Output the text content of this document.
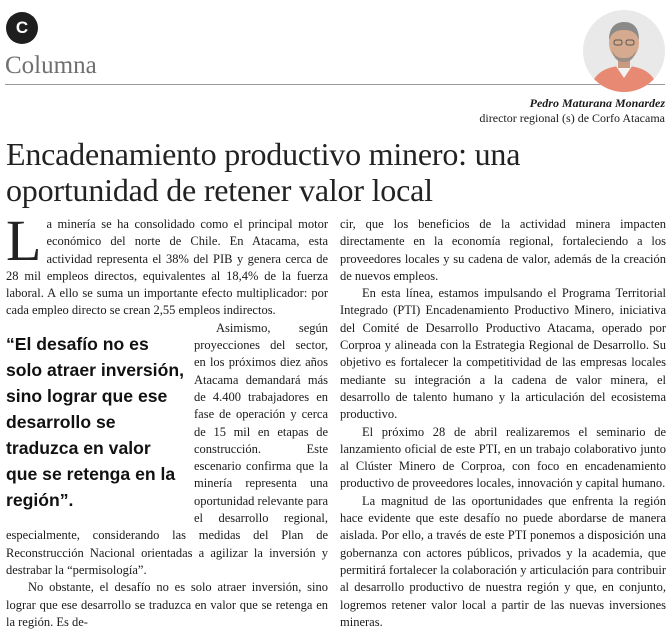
C
Columna
Pedro Maturana Monardez
director regional (s) de Corfo Atacama
Encadenamiento productivo minero: una oportunidad de retener valor local

La minería se ha consolidado como el principal motor económico del norte de Chile. En Atacama, esta actividad representa el 38% del PIB y genera cerca de 28 mil empleos directos, equivalentes al 18,4% de la fuerza laboral. A ello se suma un importante efecto multiplicador: por cada empleo directo se crean 2,55 empleos indirectos.

“El desafío no es solo atraer inversión, sino lograr que ese desarrollo se traduzca en valor que se retenga en la región”.

Asimismo, según proyecciones del sector, en los próximos diez años Atacama demandará más de 4.400 trabajadores en fase de operación y cerca de 15 mil en etapas de construcción. Este escenario confirma que la minería representa una oportunidad relevante para el desarrollo regional, especialmente, considerando las medidas del Plan de Reconstrucción Nacional orientadas a agilizar la inversión y destrabar la “permisología”.

No obstante, el desafío no es solo atraer inversión, sino lograr que ese desarrollo se traduzca en valor que se retenga en la región. Es de-

cir, que los beneficios de la actividad minera impacten directamente en la economía regional, fortaleciendo a los proveedores locales y su cadena de valor, además de la creación de nuevos empleos.

En esta línea, estamos impulsando el Programa Territorial Integrado (PTI) Encadenamiento Productivo Minero, iniciativa del Comité de Desarrollo Productivo Atacama, operado por Corproa y alineada con la Estrategia Regional de Desarrollo. Su objetivo es fortalecer la competitividad de las empresas locales mediante su integración a la cadena de valor minera, el desarrollo de talento humano y la articulación del ecosistema productivo.

El próximo 28 de abril realizaremos el seminario de lanzamiento oficial de este PTI, en un trabajo colaborativo junto al Clúster Minero de Corproa, con foco en encadenamiento productivo de proveedores locales, innovación y capital humano.

La magnitud de las oportunidades que enfrenta la región hace evidente que este desafío no puede abordarse de manera aislada. Por ello, a través de este PTI ponemos a disposición una gobernanza con actores públicos, privados y la academia, que permitirá fortalecer la colaboración y articulación para contribuir al desarrollo productivo de nuestra región y que, en conjunto, logremos retener valor local a partir de las nuevas inversiones mineras.
